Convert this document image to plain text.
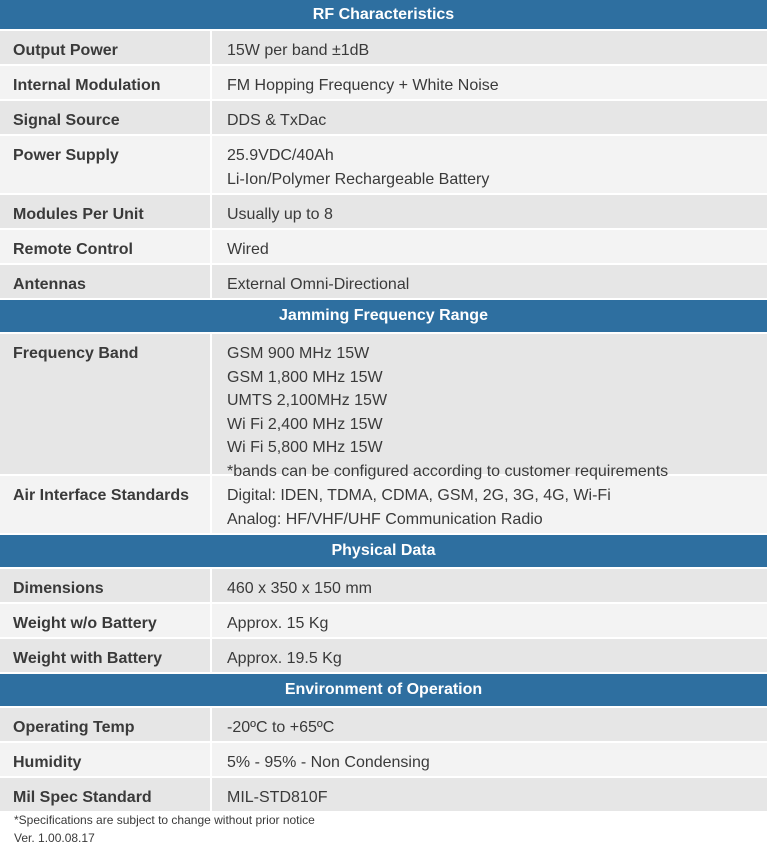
RF Characteristics
Output Power	15W per band ±1dB
Internal Modulation	FM Hopping Frequency + White Noise
Signal Source	DDS & TxDac
Power Supply	25.9VDC/40Ah
Li-Ion/Polymer Rechargeable Battery
Modules Per Unit	Usually up to 8
Remote Control	Wired
Antennas	External Omni-Directional
Jamming Frequency Range
Frequency Band	GSM 900 MHz 15W
GSM 1,800 MHz 15W
UMTS 2,100MHz 15W
Wi Fi 2,400 MHz 15W
Wi Fi 5,800 MHz 15W
*bands can be configured according to customer requirements
Air Interface Standards	Digital: IDEN, TDMA, CDMA, GSM, 2G, 3G, 4G, Wi-Fi
Analog: HF/VHF/UHF Communication Radio
Physical Data
Dimensions	460 x 350 x 150 mm
Weight w/o Battery	Approx. 15 Kg
Weight with Battery	Approx. 19.5 Kg
Environment of Operation
Operating Temp	-20ºC to +65ºC
Humidity	5% - 95% - Non Condensing
Mil Spec Standard	MIL-STD810F
*Specifications are subject to change without prior notice
Ver. 1.00.08.17
